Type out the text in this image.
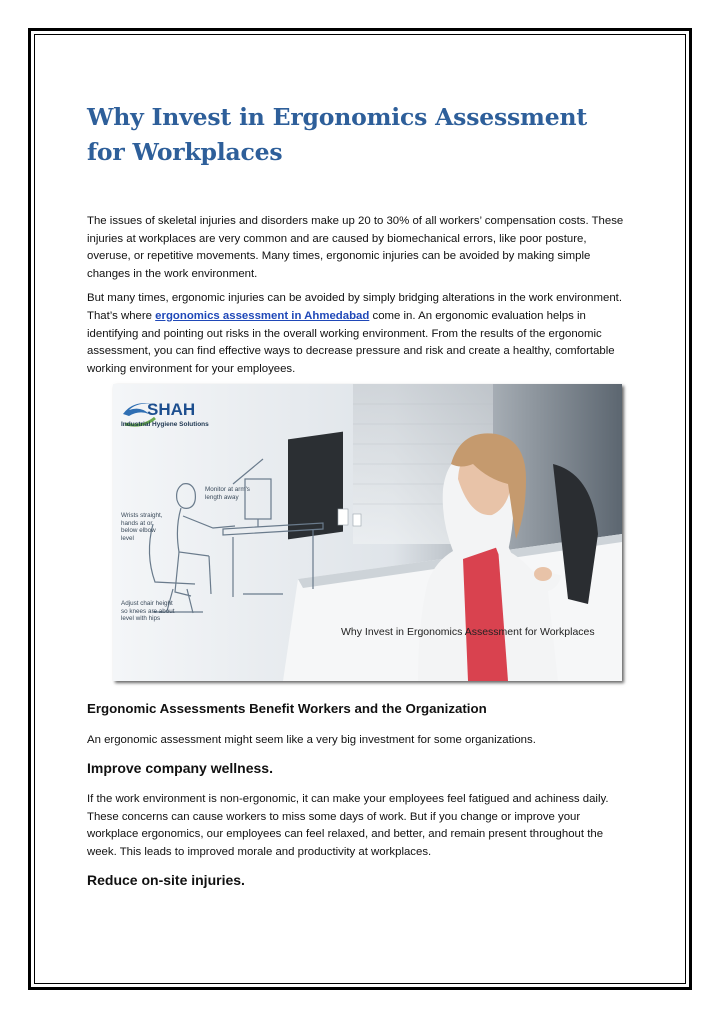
Why Invest in Ergonomics Assessment for Workplaces

The issues of skeletal injuries and disorders make up 20 to 30% of all workers’ compensation costs. These injuries at workplaces are very common and are caused by biomechanical errors, like poor posture, overuse, or repetitive movements. Many times, ergonomic injuries can be avoided by making simple changes in the work environment.

But many times, ergonomic injuries can be avoided by simply bridging alterations in the work environment. That’s where ergonomics assessment in Ahmedabad come in. An ergonomic evaluation helps in identifying and pointing out risks in the overall working environment. From the results of the ergonomic assessment, you can find effective ways to decrease pressure and risk and create a healthy, comfortable working environment for your employees.

SHAH
Industrial Hygiene Solutions
Monitor at arm's length away
Wrists straight, hands at or below elbow level
Adjust chair height so knees are about level with hips
Why Invest in Ergonomics Assessment for Workplaces
Ergonomic Assessments Benefit Workers and the Organization

An ergonomic assessment might seem like a very big investment for some organizations.

Improve company wellness.

If the work environment is non-ergonomic, it can make your employees feel fatigued and achiness daily. These concerns can cause workers to miss some days of work. But if you change or improve your workplace ergonomics, our employees can feel relaxed, and better, and remain present throughout the week. This leads to improved morale and productivity at workplaces.

Reduce on-site injuries.
